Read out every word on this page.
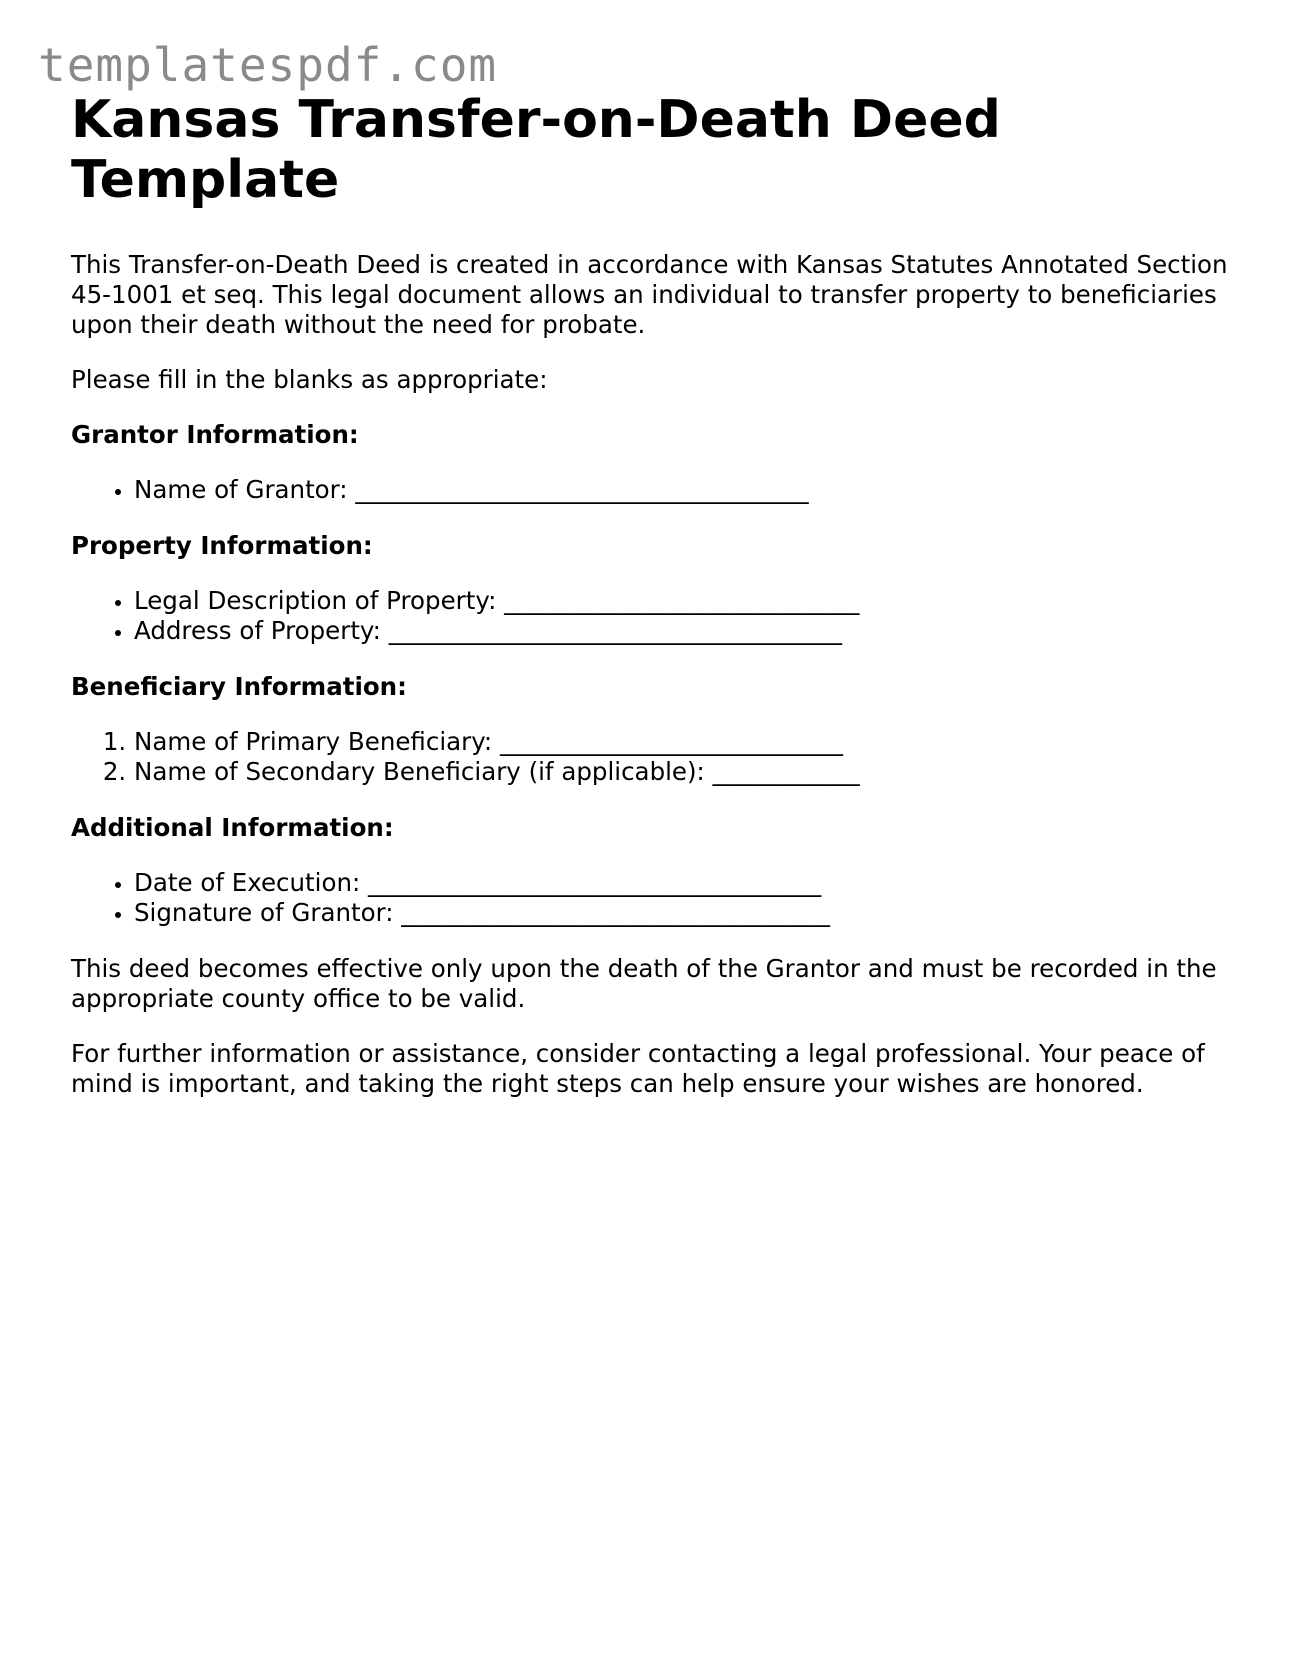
templatespdf.com
Kansas Transfer-on-Death Deed Template

This Transfer-on-Death Deed is created in accordance with Kansas Statutes Annotated Section 45-1001 et seq. This legal document allows an individual to transfer property to beneficiaries upon their death without the need for probate.

Please fill in the blanks as appropriate:

Grantor Information:
• Name of Grantor: _____________________________________
Property Information:
• Legal Description of Property: _____________________________
• Address of Property: _____________________________________
Beneficiary Information:
1. Name of Primary Beneficiary: ____________________________
2. Name of Secondary Beneficiary (if applicable): ____________
Additional Information:
• Date of Execution: _____________________________________
• Signature of Grantor: ___________________________________

This deed becomes effective only upon the death of the Grantor and must be recorded in the appropriate county office to be valid.

For further information or assistance, consider contacting a legal professional. Your peace of mind is important, and taking the right steps can help ensure your wishes are honored.
